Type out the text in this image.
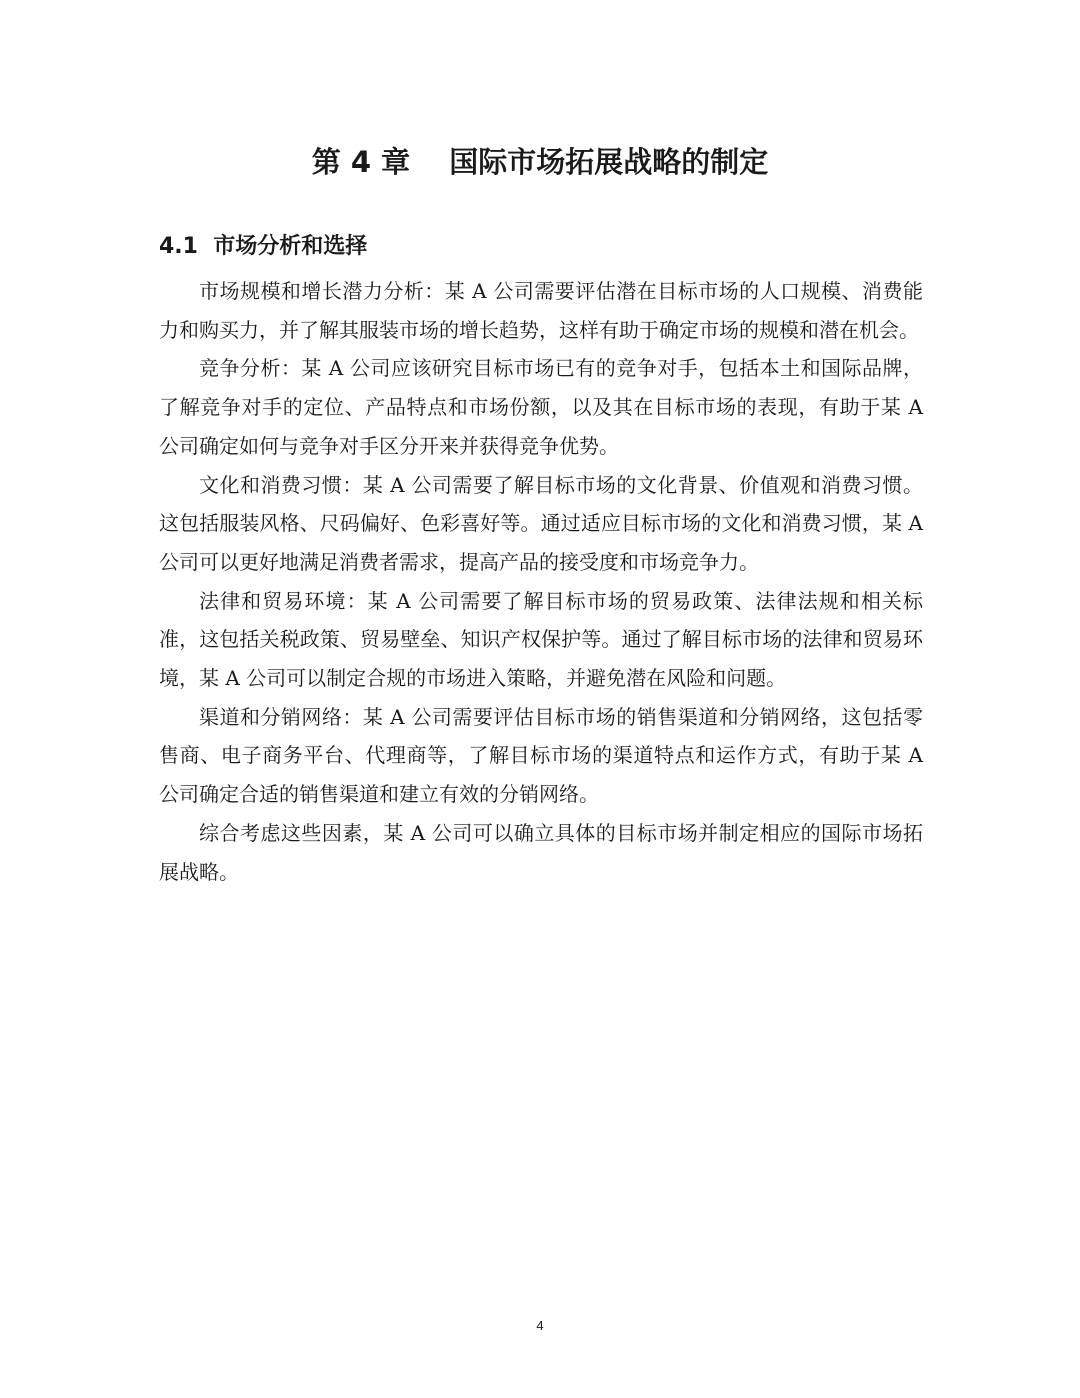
第 4 章　 国际市场拓展战略的制定
4.1  市场分析和选择

市场规模和增长潜力分析：某 A 公司需要评估潜在目标市场的人口规模、消费能力和购买力，并了解其服装市场的增长趋势，这样有助于确定市场的规模和潜在机会。

竞争分析：某 A 公司应该研究目标市场已有的竞争对手，包括本土和国际品牌，了解竞争对手的定位、产品特点和市场份额，以及其在目标市场的表现，有助于某 A 公司确定如何与竞争对手区分开来并获得竞争优势。

文化和消费习惯：某 A 公司需要了解目标市场的文化背景、价值观和消费习惯。这包括服装风格、尺码偏好、色彩喜好等。通过适应目标市场的文化和消费习惯，某 A 公司可以更好地满足消费者需求，提高产品的接受度和市场竞争力。

法律和贸易环境：某 A 公司需要了解目标市场的贸易政策、法律法规和相关标准，这包括关税政策、贸易壁垒、知识产权保护等。通过了解目标市场的法律和贸易环境，某 A 公司可以制定合规的市场进入策略，并避免潜在风险和问题。

渠道和分销网络：某 A 公司需要评估目标市场的销售渠道和分销网络，这包括零售商、电子商务平台、代理商等，了解目标市场的渠道特点和运作方式，有助于某 A 公司确定合适的销售渠道和建立有效的分销网络。

综合考虑这些因素，某 A 公司可以确立具体的目标市场并制定相应的国际市场拓展战略。

4
